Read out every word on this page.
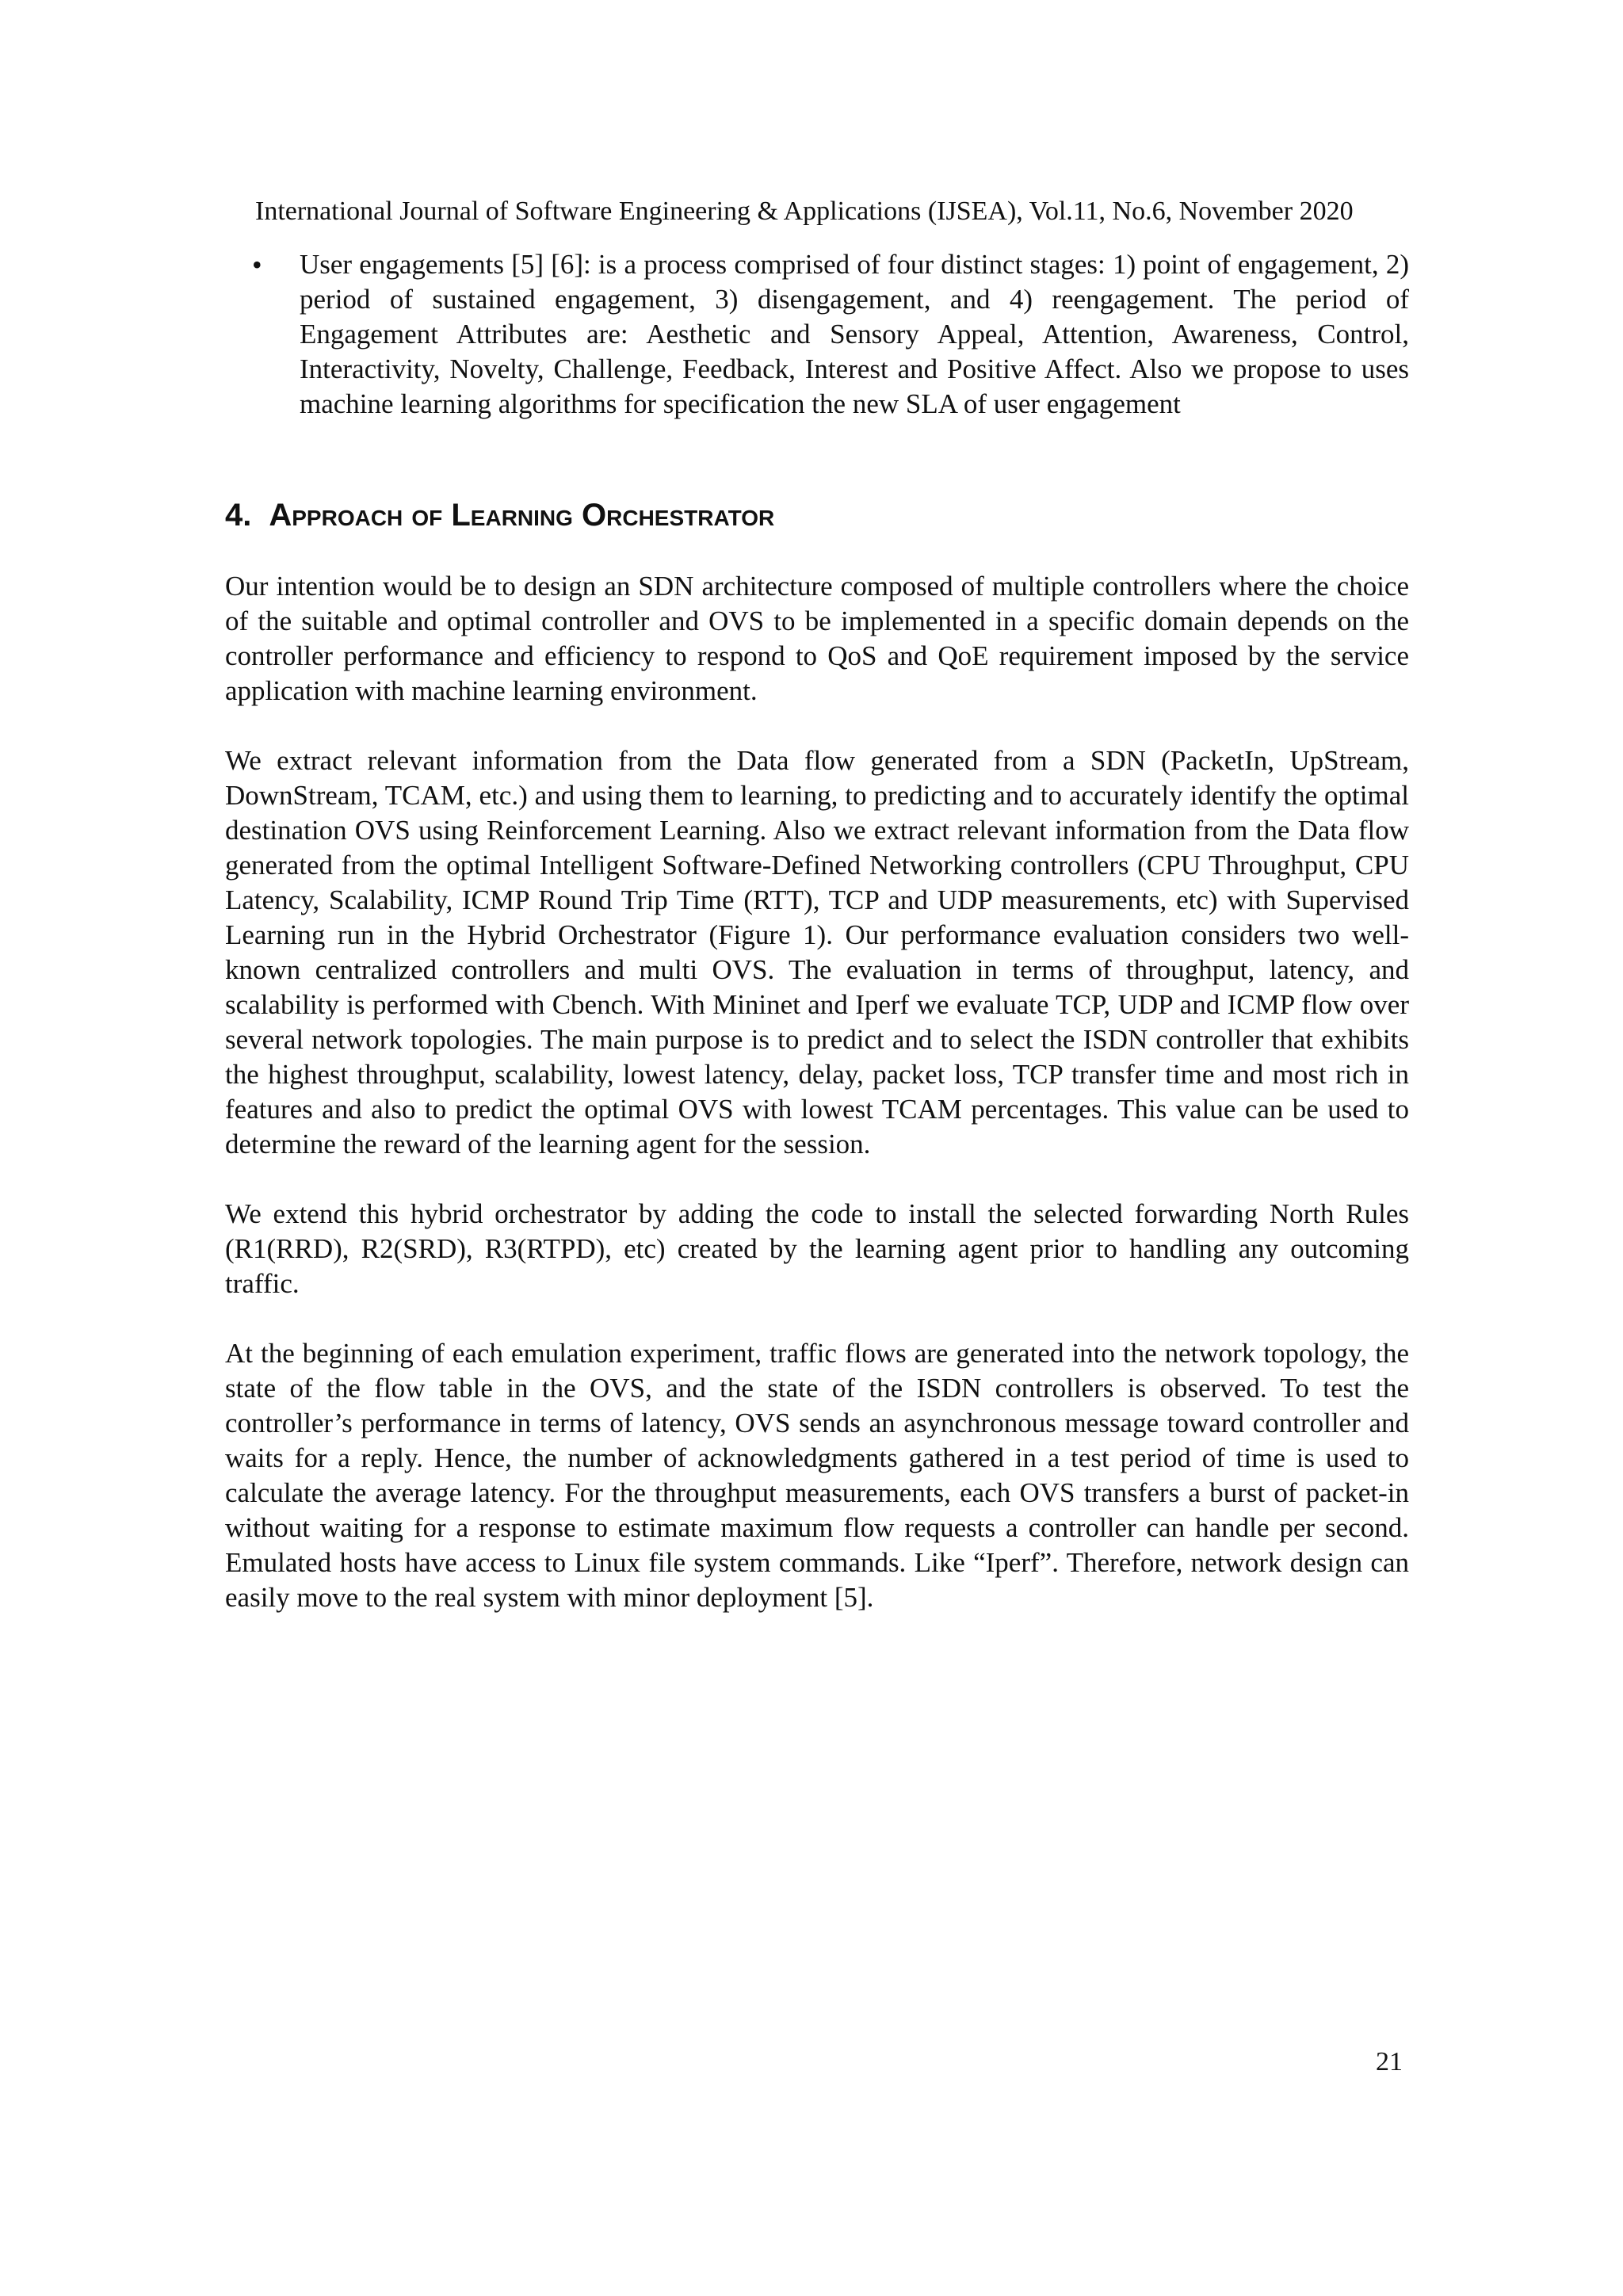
International Journal of Software Engineering & Applications (IJSEA), Vol.11, No.6, November 2020
• User engagements [5] [6]: is a process comprised of four distinct stages: 1) point of engagement, 2) period of sustained engagement, 3) disengagement, and 4) reengagement. The period of Engagement Attributes are: Aesthetic and Sensory Appeal, Attention, Awareness, Control, Interactivity, Novelty, Challenge, Feedback, Interest and Positive Affect. Also we propose to uses machine learning algorithms for specification the new SLA of user engagement
4. Approach of Learning Orchestrator

Our intention would be to design an SDN architecture composed of multiple controllers where the choice of the suitable and optimal controller and OVS to be implemented in a specific domain depends on the controller performance and efficiency to respond to QoS and QoE requirement imposed by the service application with machine learning environment.

We extract relevant information from the Data flow generated from a SDN (PacketIn, UpStream, DownStream, TCAM, etc.) and using them to learning, to predicting and to accurately identify the optimal destination OVS using Reinforcement Learning. Also we extract relevant information from the Data flow generated from the optimal Intelligent Software-Defined Networking controllers (CPU Throughput, CPU Latency, Scalability, ICMP Round Trip Time (RTT), TCP and UDP measurements, etc) with Supervised Learning run in the Hybrid Orchestrator (Figure 1). Our performance evaluation considers two well-known centralized controllers and multi OVS. The evaluation in terms of throughput, latency, and scalability is performed with Cbench. With Mininet and Iperf we evaluate TCP, UDP and ICMP flow over several network topologies. The main purpose is to predict and to select the ISDN controller that exhibits the highest throughput, scalability, lowest latency, delay, packet loss, TCP transfer time and most rich in features and also to predict the optimal OVS with lowest TCAM percentages. This value can be used to determine the reward of the learning agent for the session.

We extend this hybrid orchestrator by adding the code to install the selected forwarding North Rules (R1(RRD), R2(SRD), R3(RTPD), etc) created by the learning agent prior to handling any outcoming traffic.

At the beginning of each emulation experiment, traffic flows are generated into the network topology, the state of the flow table in the OVS, and the state of the ISDN controllers is observed. To test the controller’s performance in terms of latency, OVS sends an asynchronous message toward controller and waits for a reply. Hence, the number of acknowledgments gathered in a test period of time is used to calculate the average latency. For the throughput measurements, each OVS transfers a burst of packet-in without waiting for a response to estimate maximum flow requests a controller can handle per second. Emulated hosts have access to Linux file system commands. Like “Iperf”. Therefore, network design can easily move to the real system with minor deployment [5].

21
